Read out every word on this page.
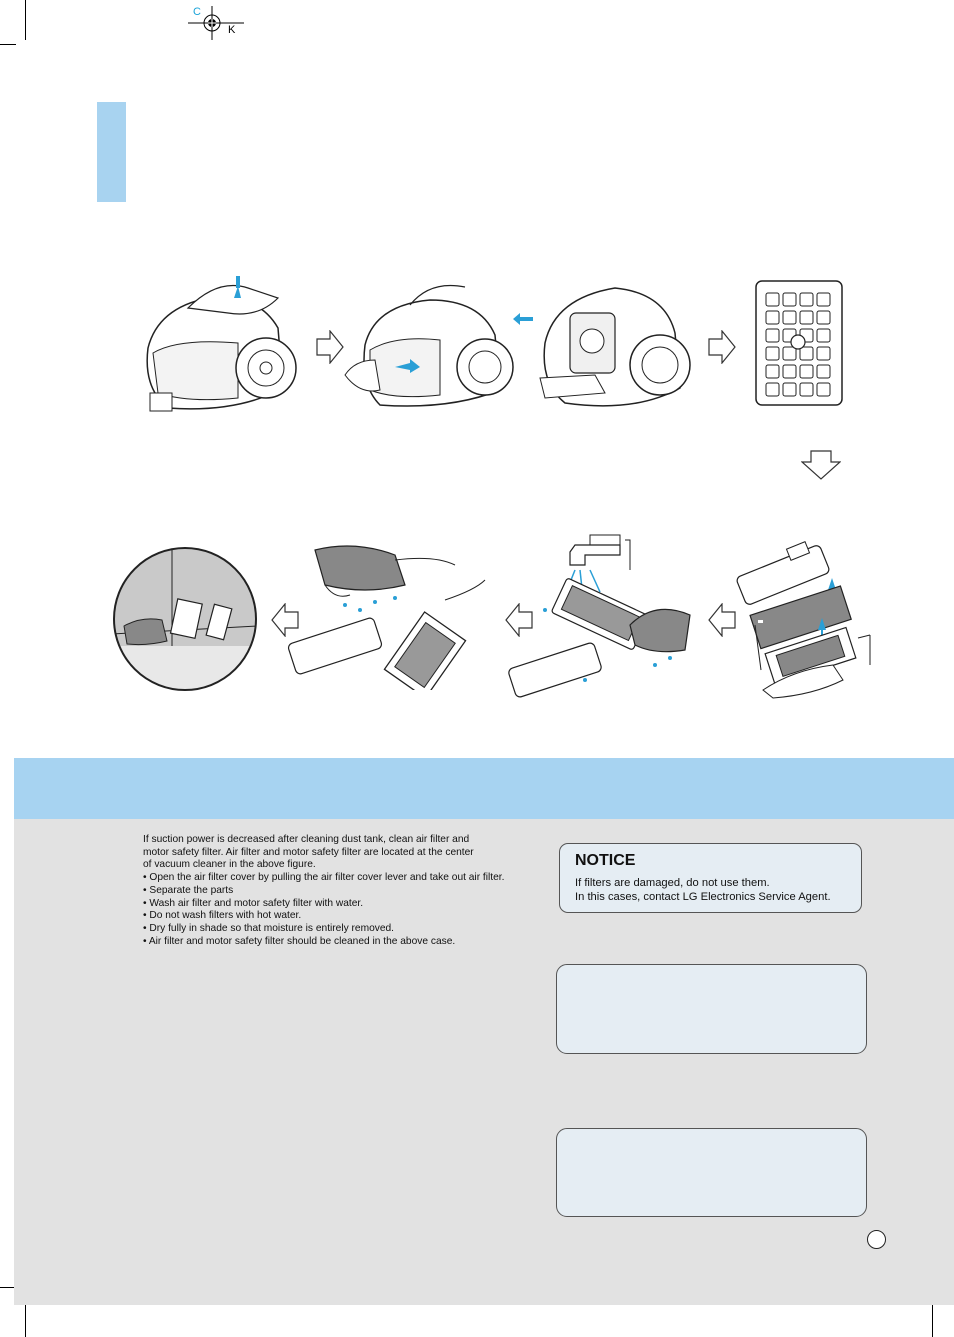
C
K
If suction power is decreased after cleaning dust tank, clean air filter and
motor safety filter. Air filter and motor safety filter are located at the center
of vacuum cleaner in the above figure.
• Open the air filter cover by pulling the air filter cover lever and take out air filter.
• Separate the parts
• Wash air filter and motor safety filter with water.
• Do not wash filters with hot water.
• Dry fully in shade so that moisture is entirely removed.
• Air filter and motor safety filter should be cleaned in the above case.
NOTICE
If filters are damaged, do not use them.
In this cases, contact LG Electronics Service Agent.
